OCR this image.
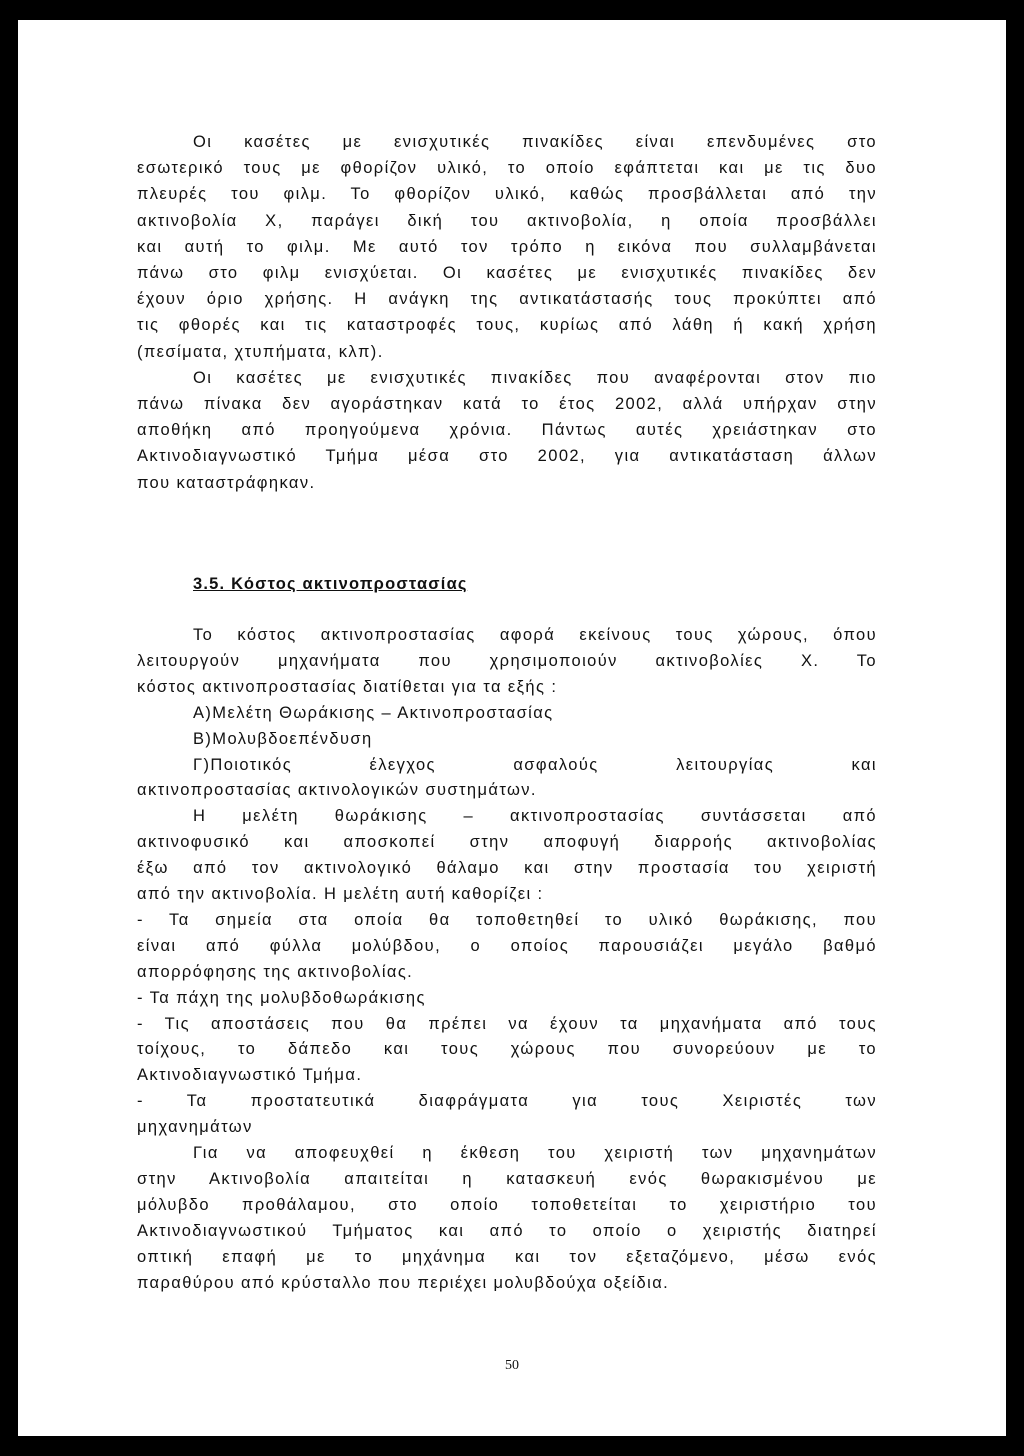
Οι κασέτες με ενισχυτικές πινακίδες είναι επενδυμένες στο
εσωτερικό τους με φθορίζον υλικό, το οποίο εφάπτεται και με τις δυο
πλευρές του φιλμ. Το φθορίζον υλικό, καθώς προσβάλλεται από την
ακτινοβολία Χ, παράγει δική του ακτινοβολία, η οποία προσβάλλει
και αυτή το φιλμ. Με αυτό τον τρόπο η εικόνα που συλλαμβάνεται
πάνω στο φιλμ ενισχύεται. Οι κασέτες με ενισχυτικές πινακίδες δεν
έχουν όριο χρήσης. Η ανάγκη της αντικατάστασής τους προκύπτει από
τις φθορές και τις καταστροφές τους, κυρίως από λάθη ή κακή χρήση
(πεσίματα, χτυπήματα, κλπ).
Οι κασέτες με ενισχυτικές πινακίδες που αναφέρονται στον πιο
πάνω πίνακα δεν αγοράστηκαν κατά το έτος 2002, αλλά υπήρχαν στην
αποθήκη από προηγούμενα χρόνια. Πάντως αυτές χρειάστηκαν στο
Ακτινοδιαγνωστικό Τμήμα μέσα στο 2002, για αντικατάσταση άλλων
που καταστράφηκαν.
3.5. Κόστος ακτινοπροστασίας
Το κόστος ακτινοπροστασίας αφορά εκείνους τους χώρους, όπου
λειτουργούν μηχανήματα που χρησιμοποιούν ακτινοβολίες Χ. Το
κόστος ακτινοπροστασίας διατίθεται για τα εξής :
Α)Μελέτη Θωράκισης – Ακτινοπροστασίας
Β)Μολυβδοεπένδυση
Γ)Ποιοτικός έλεγχος ασφαλούς λειτουργίας και
ακτινοπροστασίας ακτινολογικών συστημάτων.
Η μελέτη θωράκισης – ακτινοπροστασίας συντάσσεται από
ακτινοφυσικό και αποσκοπεί στην αποφυγή διαρροής ακτινοβολίας
έξω από τον ακτινολογικό θάλαμο και στην προστασία του χειριστή
από την ακτινοβολία. Η μελέτη αυτή καθορίζει :
- Τα σημεία στα οποία θα τοποθετηθεί το υλικό θωράκισης, που
είναι από φύλλα μολύβδου, ο οποίος παρουσιάζει μεγάλο βαθμό
απορρόφησης της ακτινοβολίας.
- Τα πάχη της μολυβδοθωράκισης
- Τις αποστάσεις που θα πρέπει να έχουν τα μηχανήματα από τους
τοίχους, το δάπεδο και τους χώρους που συνορεύουν με το
Ακτινοδιαγνωστικό Τμήμα.
- Τα προστατευτικά διαφράγματα για τους Χειριστές των
μηχανημάτων
Για να αποφευχθεί η έκθεση του χειριστή των μηχανημάτων
στην Ακτινοβολία απαιτείται η κατασκευή ενός θωρακισμένου με
μόλυβδο προθάλαμου, στο οποίο τοποθετείται το χειριστήριο του
Ακτινοδιαγνωστικού Τμήματος και από το οποίο ο χειριστής διατηρεί
οπτική επαφή με το μηχάνημα και τον εξεταζόμενο, μέσω ενός
παραθύρου από κρύσταλλο που περιέχει μολυβδούχα οξείδια.
50
